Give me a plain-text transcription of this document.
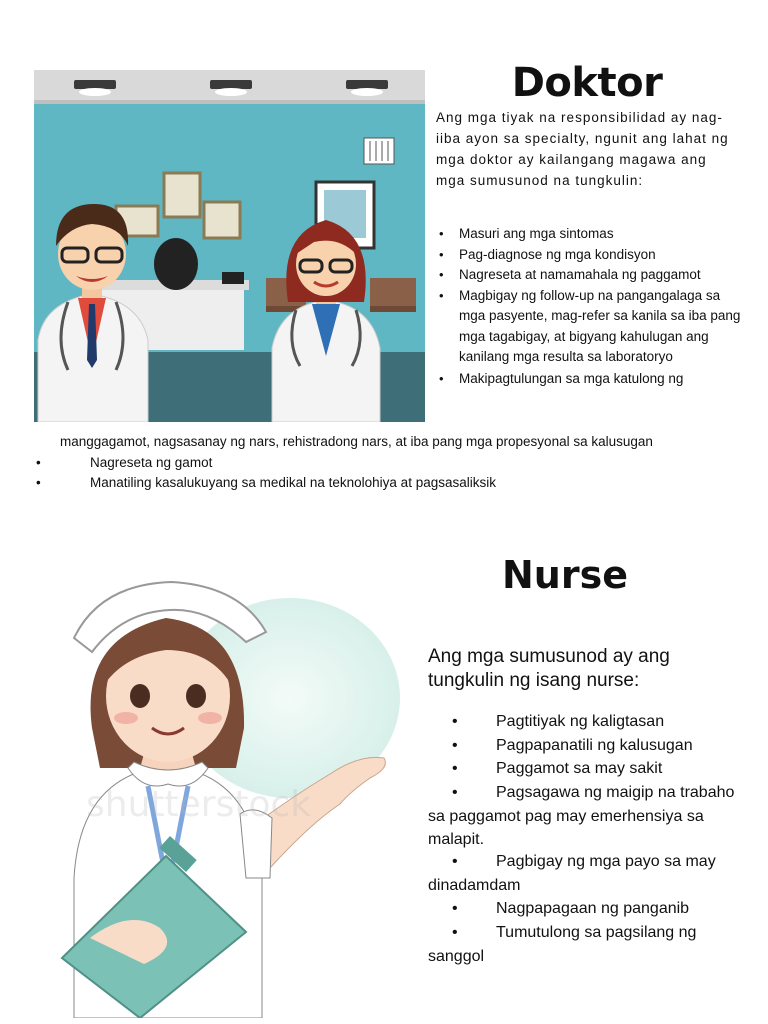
Doktor
Ang mga tiyak na responsibilidad ay nag-iiba ayon sa specialty, ngunit ang lahat ng mga doktor ay kailangang magawa ang mga sumusunod na tungkulin:
• Masuri ang mga sintomas
• Pag-diagnose ng mga kondisyon
• Nagreseta at namamahala ng paggamot
• Magbigay ng follow-up na pangangalaga sa mga pasyente, mag-refer sa kanila sa iba pang mga tagabigay, at bigyang kahulugan ang kanilang mga resulta sa laboratoryo
• Makipagtulungan sa mga katulong ng
manggagamot, nagsasanay ng nars, rehistradong nars, at iba pang mga propesyonal sa kalusugan
•	Nagreseta ng gamot
•	Manatiling kasalukuyang sa medikal na teknolohiya at pagsasaliksik
Nurse
Ang mga sumusunod ay ang tungkulin ng isang nurse:
• Pagtitiyak ng kaligtasan
• Pagpapanatili ng kalusugan
• Paggamot sa may sakit
• Pagsagawa ng maigip na trabaho sa paggamot pag may emerhensiya sa malapit.
• Pagbigay ng mga payo sa may dinadamdam
• Nagpapagaan ng panganib
• Tumutulong sa pagsilang ng sanggol
shutterstock
